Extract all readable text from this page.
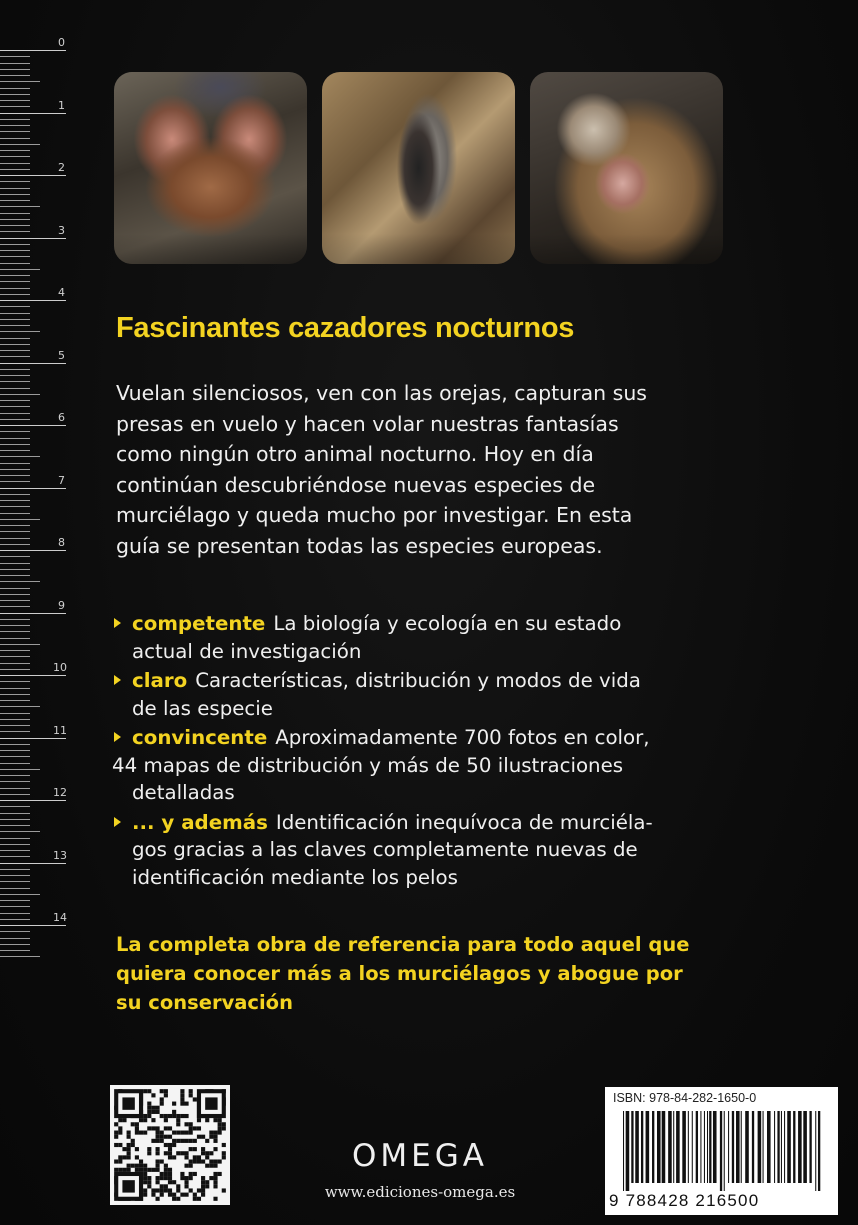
0
1
2
3
4
5
6
7
8
9
10
11
12
13
14
Fascinantes cazadores nocturnos
Vuelan silenciosos, ven con las orejas, capturan sus
presas en vuelo y hacen volar nuestras fantasías
como ningún otro animal nocturno. Hoy en día
continúan descubriéndose nuevas especies de
murciélago y queda mucho por investigar. En esta
guía se presentan todas las especies europeas.
competente La biología y ecología en su estado
actual de investigación
claro Características, distribución y modos de vida
de las especie
convincente Aproximadamente 700 fotos en color,
44 mapas de distribución y más de 50 ilustraciones
detalladas
... y además Identificación inequívoca de murciéla-
gos gracias a las claves completamente nuevas de
identificación mediante los pelos
La completa obra de referencia para todo aquel que
quiera conocer más a los murciélagos y abogue por
su conservación
OMEGA
www.ediciones-omega.es
ISBN: 978-84-282-1650-0
9 788428 216500
